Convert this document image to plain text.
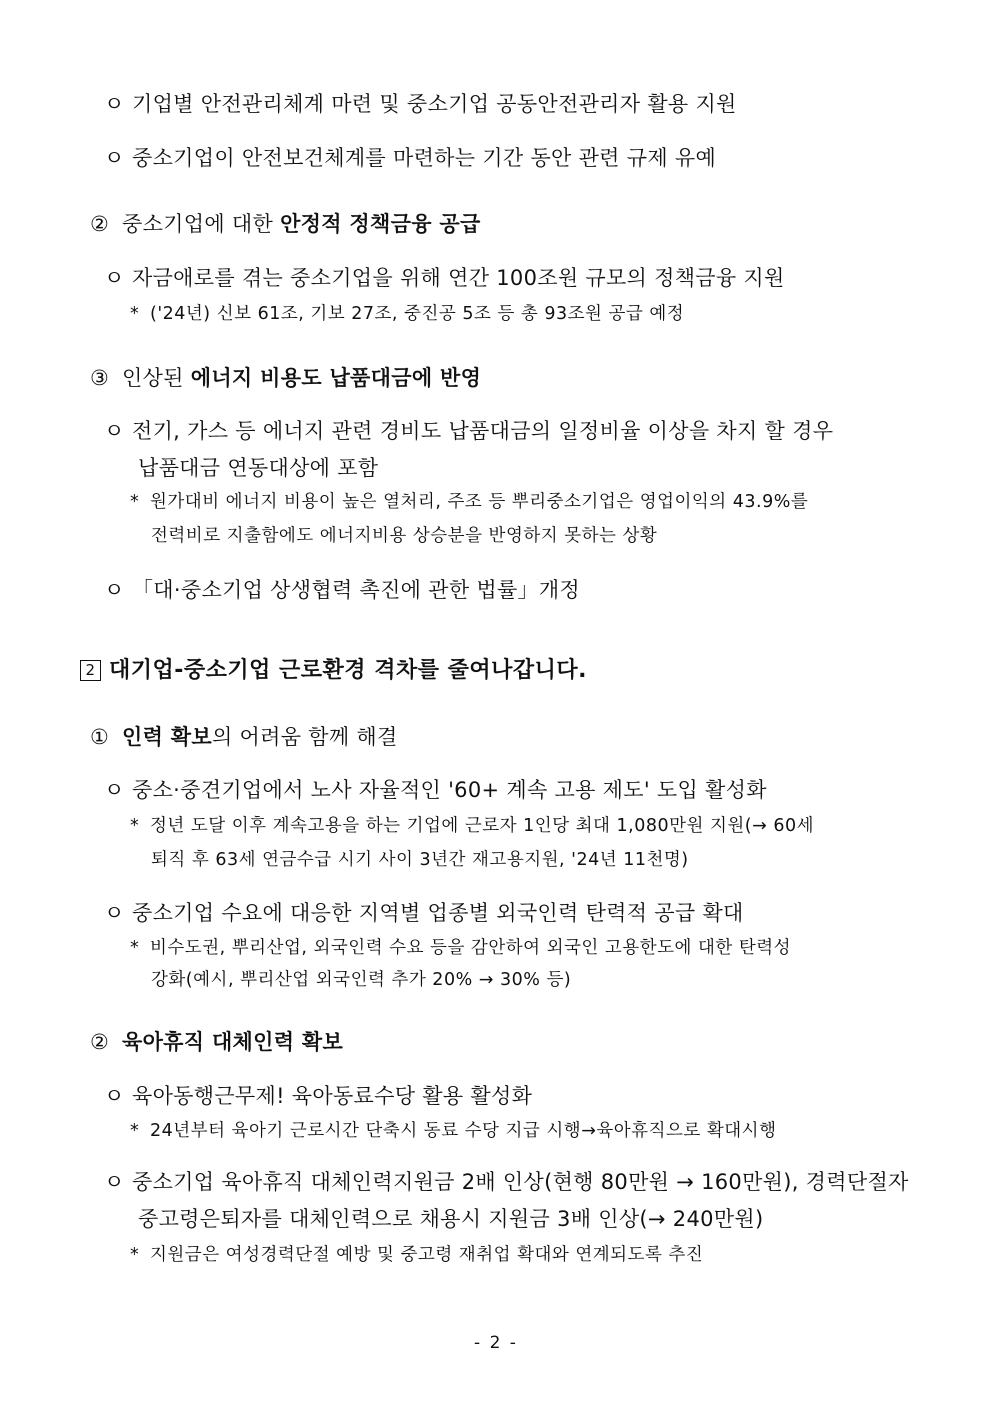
ㅇ 기업별 안전관리체계 마련 및 중소기업 공동안전관리자 활용 지원
ㅇ 중소기업이 안전보건체계를 마련하는 기간 동안 관련 규제 유예
② 중소기업에 대한 안정적 정책금융 공급
ㅇ 자금애로를 겪는 중소기업을 위해 연간 100조원 규모의 정책금융 지원
* ('24년) 신보 61조, 기보 27조, 중진공 5조 등 총 93조원 공급 예정
③ 인상된 에너지 비용도 납품대금에 반영
ㅇ 전기, 가스 등 에너지 관련 경비도 납품대금의 일정비율 이상을 차지 할 경우
납품대금 연동대상에 포함
* 원가대비 에너지 비용이 높은 열처리, 주조 등 뿌리중소기업은 영업이익의 43.9%를
전력비로 지출함에도 에너지비용 상승분을 반영하지 못하는 상황
ㅇ 「대·중소기업 상생협력 촉진에 관한 법률」개정
2 대기업-중소기업 근로환경 격차를 줄여나갑니다.
① 인력 확보의 어려움 함께 해결
ㅇ 중소·중견기업에서 노사 자율적인 '60+ 계속 고용 제도' 도입 활성화
* 정년 도달 이후 계속고용을 하는 기업에 근로자 1인당 최대 1,080만원 지원(→ 60세
퇴직 후 63세 연금수급 시기 사이 3년간 재고용지원, '24년 11천명)
ㅇ 중소기업 수요에 대응한 지역별 업종별 외국인력 탄력적 공급 확대
* 비수도권, 뿌리산업, 외국인력 수요 등을 감안하여 외국인 고용한도에 대한 탄력성
강화(예시, 뿌리산업 외국인력 추가 20% → 30% 등)
② 육아휴직 대체인력 확보
ㅇ 육아동행근무제! 육아동료수당 활용 활성화
* 24년부터 육아기 근로시간 단축시 동료 수당 지급 시행→육아휴직으로 확대시행
ㅇ 중소기업 육아휴직 대체인력지원금 2배 인상(현행 80만원 → 160만원), 경력단절자
중고령은퇴자를 대체인력으로 채용시 지원금 3배 인상(→ 240만원)
* 지원금은 여성경력단절 예방 및 중고령 재취업 확대와 연계되도록 추진
- 2 -
